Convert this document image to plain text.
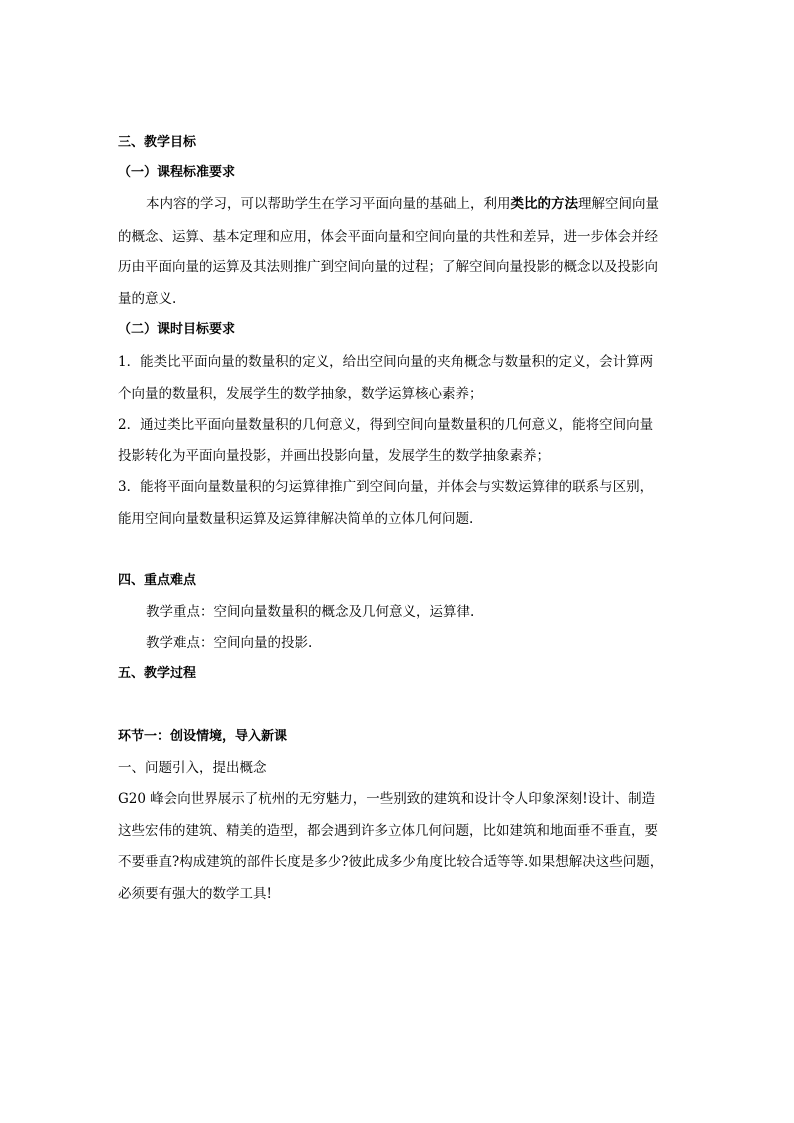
三、教学目标
（一）课程标准要求
本内容的学习，可以帮助学生在学习平面向量的基础上，利用类比的方法理解空间向量
的概念、运算、基本定理和应用，体会平面向量和空间向量的共性和差异，进一步体会并经
历由平面向量的运算及其法则推广到空间向量的过程；了解空间向量投影的概念以及投影向
量的意义.
（二）课时目标要求
1．能类比平面向量的数量积的定义，给出空间向量的夹角概念与数量积的定义，会计算两
个向量的数量积，发展学生的数学抽象，数学运算核心素养；
2．通过类比平面向量数量积的几何意义，得到空间向量数量积的几何意义，能将空间向量
投影转化为平面向量投影，并画出投影向量，发展学生的数学抽象素养；
3．能将平面向量数量积的匀运算律推广到空间向量，并体会与实数运算律的联系与区别，
能用空间向量数量积运算及运算律解决简单的立体几何问题.
四、重点难点
教学重点：空间向量数量积的概念及几何意义，运算律.
教学难点：空间向量的投影.
五、教学过程
环节一：创设情境，导入新课
一、问题引入，提出概念
G20 峰会向世界展示了杭州的无穷魅力，一些别致的建筑和设计令人印象深刻!设计、制造
这些宏伟的建筑、精美的造型，都会遇到许多立体几何问题，比如建筑和地面垂不垂直，要
不要垂直?构成建筑的部件长度是多少?彼此成多少角度比较合适等等.如果想解决这些问题，
必须要有强大的数学工具!
